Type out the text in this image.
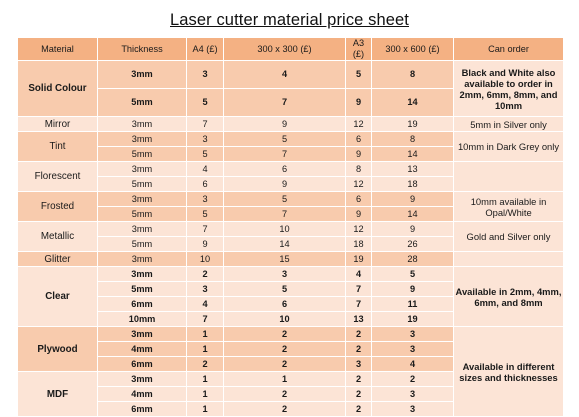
Laser cutter material price sheet
Material	Thickness	A4 (£)	300 x 300 (£)	A3 (£)	300 x 600 (£)	Can order
Solid Colour	3mm	3	4	5	8	Black and White also available to order in 2mm, 6mm, 8mm, and 10mm
	5mm	5	7	9	14	
Mirror	3mm	7	9	12	19	5mm in Silver only
Tint	3mm	3	5	6	8	10mm in Dark Grey only
	5mm	5	7	9	14	
Florescent	3mm	4	6	8	13	
	5mm	6	9	12	18	
Frosted	3mm	3	5	6	9	10mm available in Opal/White
	5mm	5	7	9	14	
Metallic	3mm	7	10	12	9	Gold and Silver only
	5mm	9	14	18	26	
Glitter	3mm	10	15	19	28	
Clear	3mm	2	3	4	5	Available in 2mm, 4mm, 6mm, and 8mm
	5mm	3	5	7	9	
	6mm	4	6	7	11	
	10mm	7	10	13	19	
Plywood	3mm	1	2	2	3	Available in different sizes and thicknesses
	4mm	1	2	2	3	
	6mm	2	2	3	4	
MDF	3mm	1	1	2	2	
	4mm	1	2	2	3	
	6mm	1	2	2	3	
